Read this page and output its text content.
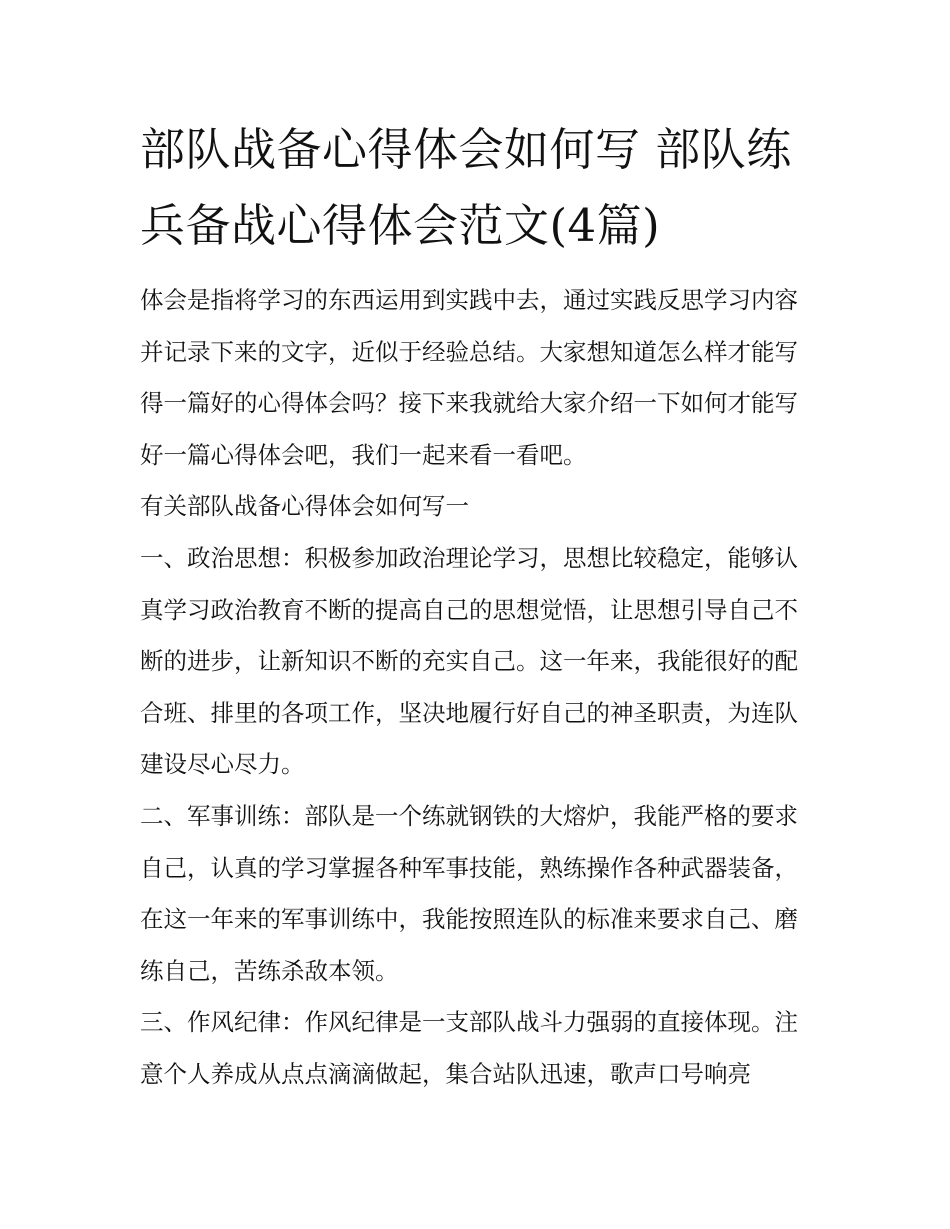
部队战备心得体会如何写 部队练兵备战心得体会范文(4篇)

体会是指将学习的东西运用到实践中去，通过实践反思学习内容并记录下来的文字，近似于经验总结。大家想知道怎么样才能写得一篇好的心得体会吗？接下来我就给大家介绍一下如何才能写好一篇心得体会吧，我们一起来看一看吧。

有关部队战备心得体会如何写一

一、政治思想：积极参加政治理论学习，思想比较稳定，能够认真学习政治教育不断的提高自己的思想觉悟，让思想引导自己不断的进步，让新知识不断的充实自己。这一年来，我能很好的配合班、排里的各项工作，坚决地履行好自己的神圣职责，为连队建设尽心尽力。

二、军事训练：部队是一个练就钢铁的大熔炉，我能严格的要求自己，认真的学习掌握各种军事技能，熟练操作各种武器装备，在这一年来的军事训练中，我能按照连队的标准来要求自己、磨练自己，苦练杀敌本领。

三、作风纪律：作风纪律是一支部队战斗力强弱的直接体现。注意个人养成从点点滴滴做起，集合站队迅速，歌声口号响亮
